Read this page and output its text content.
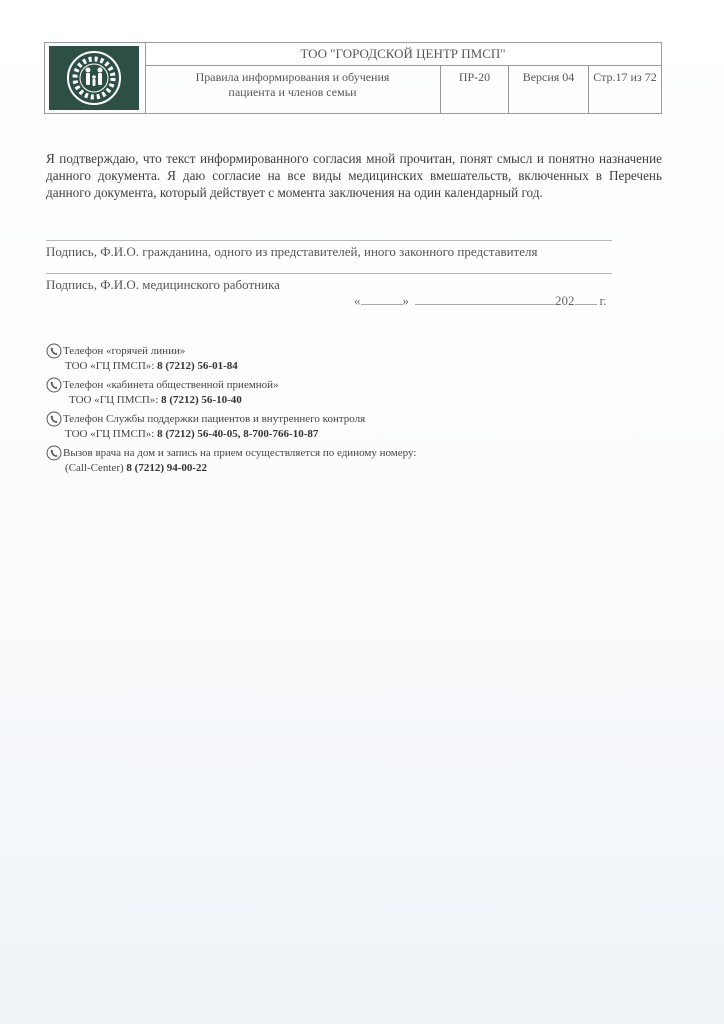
ТОО "ГОРОДСКОЙ ЦЕНТР ПМСП"
Правила информирования и обучения
пациента и членов семьи
ПР-20	Версия 04	Стр.17 из 72
Я подтверждаю, что текст информированного согласия мной прочитан, понят смысл и понятно назначение данного документа. Я даю согласие на все виды медицинских вмешательств, включенных в Перечень данного документа, который действует с момента заключения на один календарный год.
Подпись, Ф.И.О. гражданина, одного из представителей, иного законного представителя
Подпись, Ф.И.О. медицинского работника
«	»	202 г.
Телефон «горячей линии»
ТОО «ГЦ ПМСП»: 8 (7212) 56-01-84
Телефон «кабинета общественной приемной»
ТОО «ГЦ ПМСП»: 8 (7212) 56-10-40
Телефон Службы поддержки пациентов и внутреннего контроля
ТОО «ГЦ ПМСП»: 8 (7212) 56-40-05, 8-700-766-10-87
Вызов врача на дом и запись на прием осуществляется по единому номеру:
(Call-Center) 8 (7212) 94-00-22
